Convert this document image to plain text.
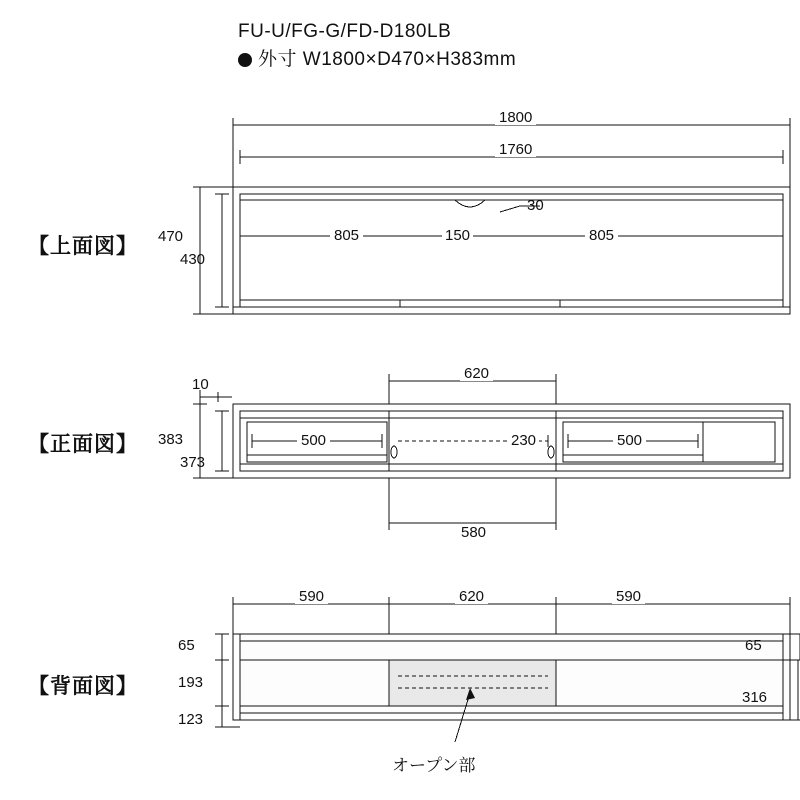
FU-U/FG-G/FD-D180LB
外寸 W1800×D470×H383mm
【上面図】
【正面図】
【背面図】
1800
1760
470
430
805	150	805
30
620
10
383
373
500	500
230
580
590	620	590
65
193
123
65
316
オープン部
